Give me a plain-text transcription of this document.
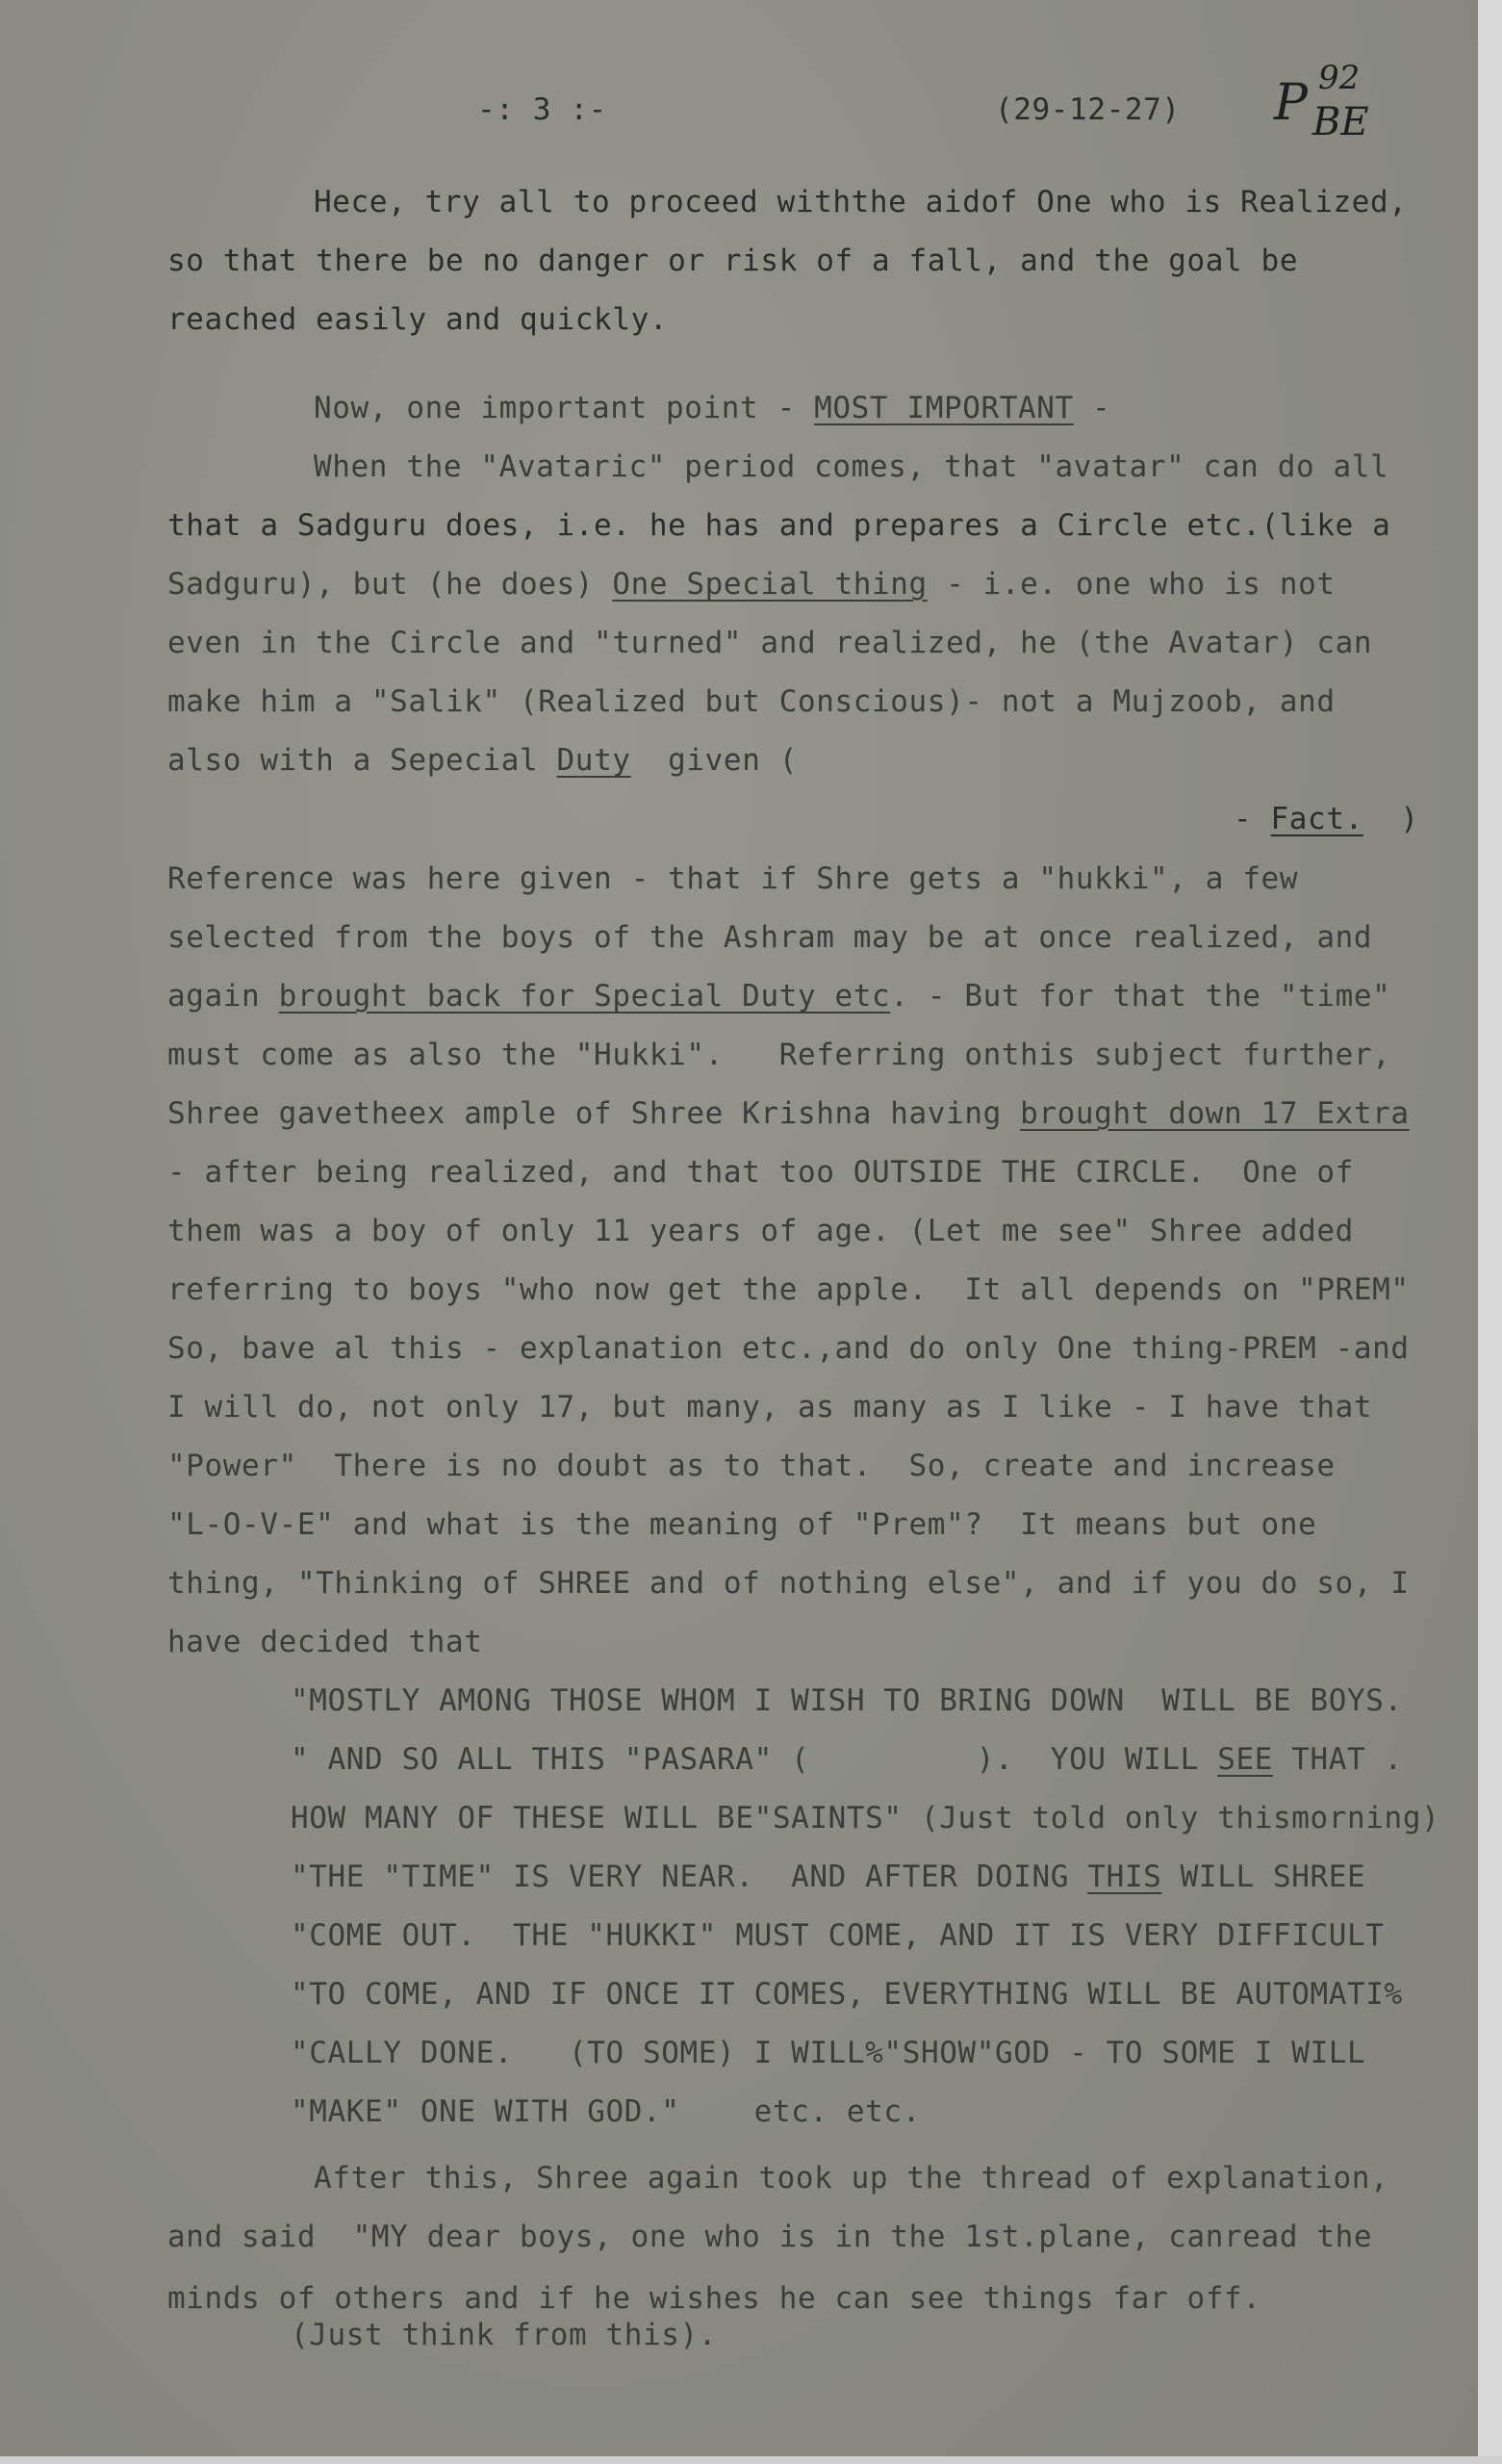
-: 3 :-	(29-12-27) P 92
BE
Hece, try all to proceed withthe aidof One who is Realized,
so that there be no danger or risk of a fall, and the goal be
reached easily and quickly.
Now, one important point - MOST IMPORTANT -
When the "Avataric" period comes, that "avatar" can do all
that a Sadguru does, i.e. he has and prepares a Circle etc.(like a
Sadguru), but (he does) One Special thing - i.e. one who is not
even in the Circle and "turned" and realized, he (the Avatar) can
make him a "Salik" (Realized but Conscious)- not a Mujzoob, and
also with a Sepecial Duty  given (
- Fact.  )
Reference was here given - that if Shre gets a "hukki", a few
selected from the boys of the Ashram may be at once realized, and
again brought back for Special Duty etc. - But for that the "time"
must come as also the "Hukki".   Referring onthis subject further,
Shree gavetheex ample of Shree Krishna having brought down 17 Extra
- after being realized, and that too OUTSIDE THE CIRCLE.  One of
them was a boy of only 11 years of age. (Let me see" Shree added
referring to boys "who now get the apple.  It all depends on "PREM"
So, bave al this - explanation etc.,and do only One thing-PREM -and
I will do, not only 17, but many, as many as I like - I have that
"Power"  There is no doubt as to that.  So, create and increase
"L-O-V-E" and what is the meaning of "Prem"?  It means but one
thing, "Thinking of SHREE and of nothing else", and if you do so, I
have decided that
"MOSTLY AMONG THOSE WHOM I WISH TO BRING DOWN  WILL BE BOYS.
" AND SO ALL THIS "PASARA" (         ).  YOU WILL SEE THAT .
HOW MANY OF THESE WILL BE"SAINTS" (Just told only thismorning)
"THE "TIME" IS VERY NEAR.  AND AFTER DOING THIS WILL SHREE
"COME OUT.  THE "HUKKI" MUST COME, AND IT IS VERY DIFFICULT
"TO COME, AND IF ONCE IT COMES, EVERYTHING WILL BE AUTOMATI%
"CALLY DONE.   (TO SOME) I WILL%"SHOW"GOD - TO SOME I WILL
"MAKE" ONE WITH GOD."    etc. etc.
After this, Shree again took up the thread of explanation,
and said  "MY dear boys, one who is in the 1st.plane, canread the
minds of others and if he wishes he can see things far off.
(Just think from this).
